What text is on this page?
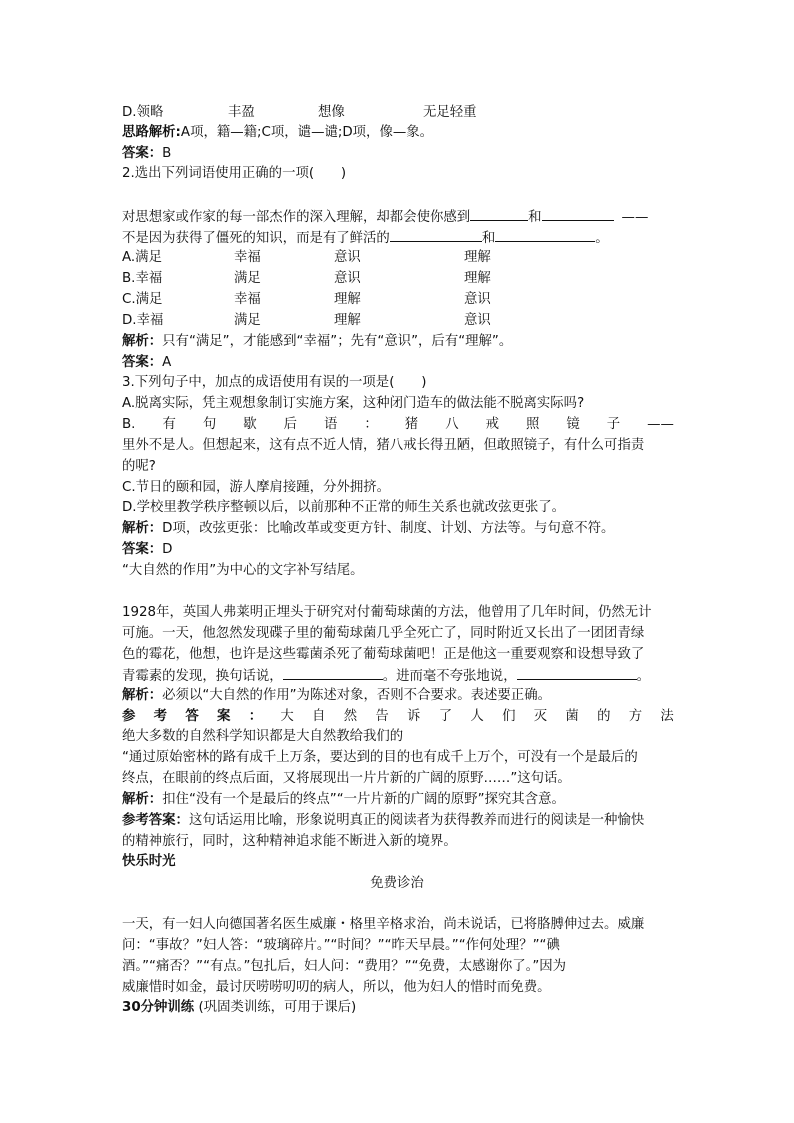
D.领略	丰盈	想像	无足轻重
思路解析:A项，籍—籍;C项，谴—谴;D项，像—象。
答案：B
2.选出下列词语使用正确的一项(　　)
对思想家或作家的每一部杰作的深入理解，却都会使你感到	和	——
不是因为获得了僵死的知识，而是有了鲜活的	和	。
A.满足	幸福	意识	理解
B.幸福	满足	意识	理解
C.满足	幸福	理解	意识
D.幸福	满足	理解	意识
解析：只有“满足”，才能感到“幸福”；先有“意识”，后有“理解”。
答案：A
3.下列句子中，加点的成语使用有误的一项是(　　)
A.脱离实际，凭主观想象制订实施方案，这种闭门造车的做法能不脱离实际吗?
B. 有 句 歇 后 语 ： 猪 八 戒 照 镜 子 ——
里外不是人。但想起来，这有点不近人情，猪八戒长得丑陋，但敢照镜子，有什么可指责
的呢?
C.节日的颐和园，游人摩肩接踵，分外拥挤。
D.学校里教学秩序整顿以后，以前那种不正常的师生关系也就改弦更张了。
解析：D项，改弦更张：比喻改革或变更方针、制度、计划、方法等。与句意不符。
答案：D
“大自然的作用”为中心的文字补写结尾。
1928年，英国人弗莱明正埋头于研究对付葡萄球菌的方法，他曾用了几年时间，仍然无计
可施。一天，他忽然发现碟子里的葡萄球菌几乎全死亡了，同时附近又长出了一团团青绿
色的霉花，他想，也许是这些霉菌杀死了葡萄球菌吧！正是他这一重要观察和设想导致了
青霉素的发现，换句话说，	。进而毫不夸张地说，	。
解析：必须以“大自然的作用”为陈述对象，否则不合要求。表述要正确。
参 考 答 案 ： 大 自 然 告 诉 了 人 们 灭 菌 的 方 法
绝大多数的自然科学知识都是大自然教给我们的
“通过原始密林的路有成千上万条，要达到的目的也有成千上万个，可没有一个是最后的
终点，在眼前的终点后面，又将展现出一片片新的广阔的原野……”这句话。
解析：扣住“没有一个是最后的终点”“一片片新的广阔的原野”探究其含意。
参考答案：这句话运用比喻，形象说明真正的阅读者为获得教养而进行的阅读是一种愉快
的精神旅行，同时，这种精神追求能不断进入新的境界。
快乐时光
免费诊治
一天，有一妇人向德国著名医生威廉・格里辛格求治，尚未说话，已将胳膊伸过去。威廉
问：“事故？”妇人答：“玻璃碎片。”“时间？”“昨天早晨。”“作何处理？”“碘
酒。”“痛否？”“有点。”包扎后，妇人问：“费用？”“免费，太感谢你了。”因为
威廉惜时如金，最讨厌唠唠叨叨的病人，所以，他为妇人的惜时而免费。
30分钟训练 (巩固类训练，可用于课后)
